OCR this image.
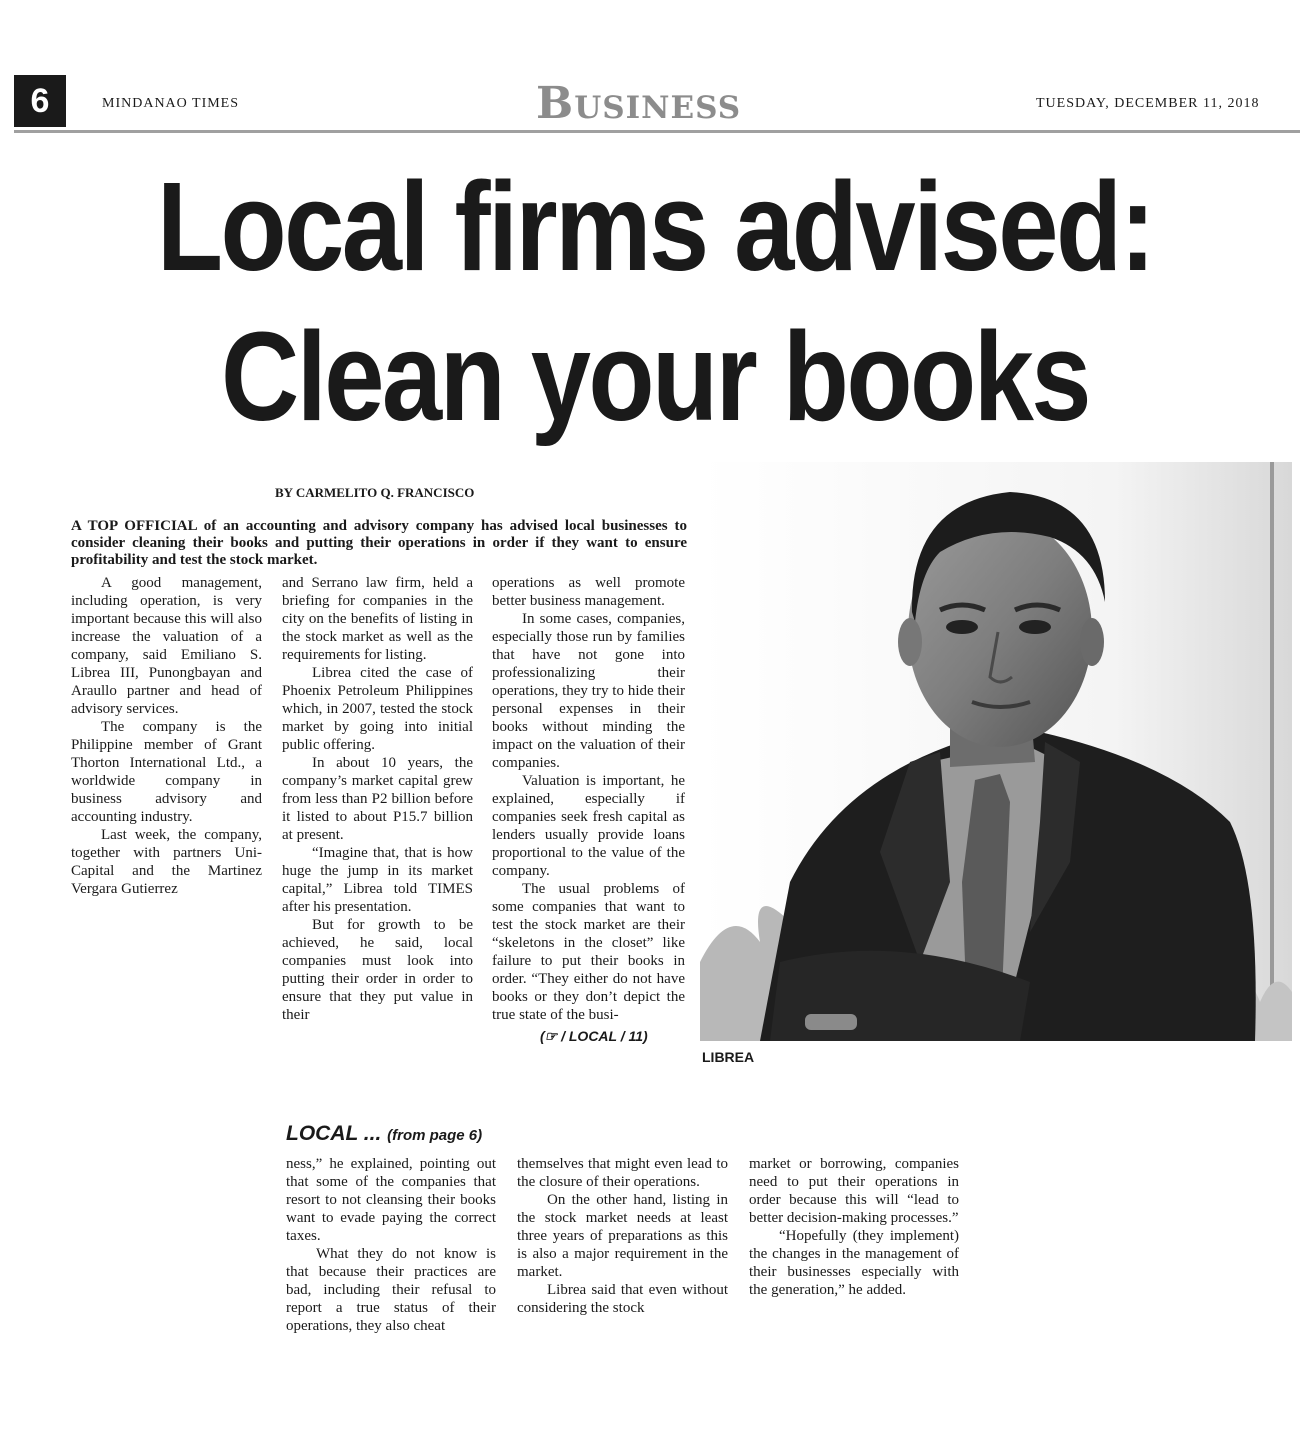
6	MINDANAO TIMES	Business	TUESDAY, DECEMBER 11, 2018
Local firms advised:
Clean your books
BY CARMELITO Q. FRANCISCO
A TOP OFFICIAL of an accounting and advisory company has advised local businesses to consider cleaning their books and putting their operations in order if they want to ensure profitability and test the stock market.

A good management, including operation, is very important because this will also increase the valuation of a company, said Emiliano S. Librea III, Punongbayan and Araullo partner and head of advisory services.

The company is the Philippine member of Grant Thorton International Ltd., a worldwide company in business advisory and accounting industry.

Last week, the company, together with partners Uni-Capital and the Martinez Vergara Gutierrez

and Serrano law firm, held a briefing for companies in the city on the benefits of listing in the stock market as well as the requirements for listing.

Librea cited the case of Phoenix Petroleum Philippines which, in 2007, tested the stock market by going into initial public offering.

In about 10 years, the company’s market capital grew from less than P2 billion before it listed to about P15.7 billion at present.

“Imagine that, that is how huge the jump in its market capital,” Librea told TIMES after his presentation.

But for growth to be achieved, he said, local companies must look into putting their order in order to ensure that they put value in their

operations as well promote better business management.

In some cases, companies, especially those run by families that have not gone into professionalizing their operations, they try to hide their personal expenses in their books without minding the impact on the valuation of their companies.

Valuation is important, he explained, especially if companies seek fresh capital as lenders usually provide loans proportional to the value of the company.

The usual problems of some companies that want to test the stock market are their “skeletons in the closet” like failure to put their books in order. “They either do not have books or they don’t depict the true state of the busi-

(☞ / LOCAL / 11)
LIBREA
LOCAL ... (from page 6)

ness,” he explained, pointing out that some of the companies that resort to not cleansing their books want to evade paying the correct taxes.

What they do not know is that because their practices are bad, including their refusal to report a true status of their operations, they also cheat

themselves that might even lead to the closure of their operations.

On the other hand, listing in the stock market needs at least three years of preparations as this is also a major requirement in the market.

Librea said that even without considering the stock

market or borrowing, companies need to put their operations in order because this will “lead to better decision-making processes.”

“Hopefully (they implement) the changes in the management of their businesses especially with the generation,” he added.
